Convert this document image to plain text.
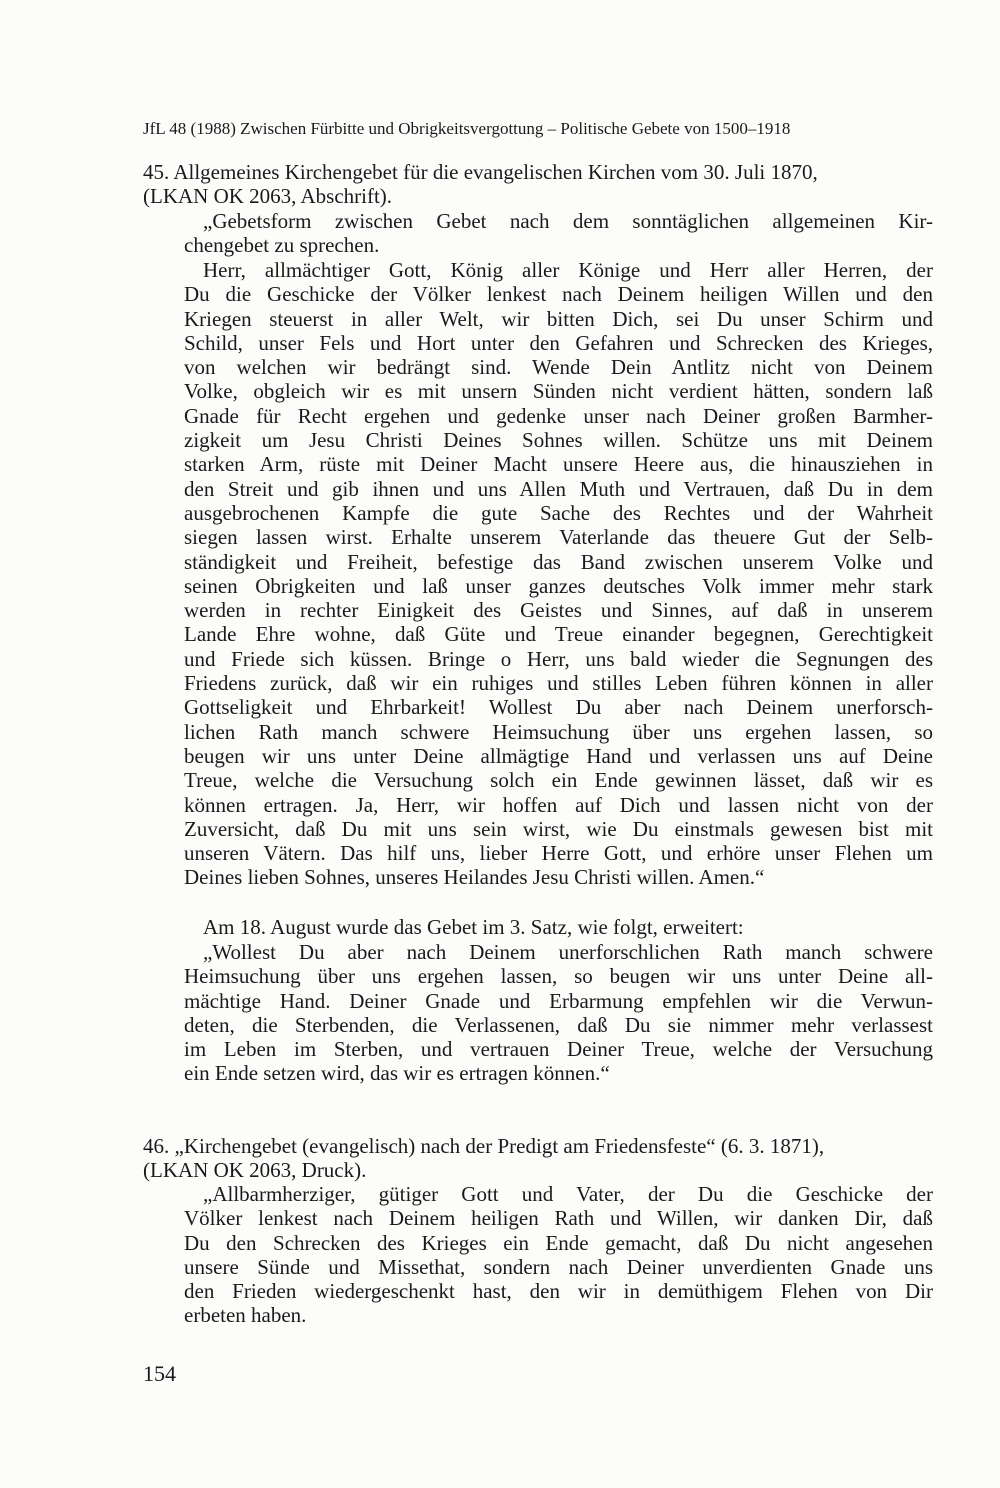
JfL 48 (1988) Zwischen Fürbitte und Obrigkeitsvergottung – Politische Gebete von 1500–1918
45. Allgemeines Kirchengebet für die evangelischen Kirchen vom 30. Juli 1870,
(LKAN OK 2063, Abschrift).
„Gebetsform zwischen Gebet nach dem sonntäglichen allgemeinen Kir-
chengebet zu sprechen.
Herr, allmächtiger Gott, König aller Könige und Herr aller Herren, der
Du die Geschicke der Völker lenkest nach Deinem heiligen Willen und den
Kriegen steuerst in aller Welt, wir bitten Dich, sei Du unser Schirm und
Schild, unser Fels und Hort unter den Gefahren und Schrecken des Krieges,
von welchen wir bedrängt sind. Wende Dein Antlitz nicht von Deinem
Volke, obgleich wir es mit unsern Sünden nicht verdient hätten, sondern laß
Gnade für Recht ergehen und gedenke unser nach Deiner großen Barmher-
zigkeit um Jesu Christi Deines Sohnes willen. Schütze uns mit Deinem
starken Arm, rüste mit Deiner Macht unsere Heere aus, die hinausziehen in
den Streit und gib ihnen und uns Allen Muth und Vertrauen, daß Du in dem
ausgebrochenen Kampfe die gute Sache des Rechtes und der Wahrheit
siegen lassen wirst. Erhalte unserem Vaterlande das theuere Gut der Selb-
ständigkeit und Freiheit, befestige das Band zwischen unserem Volke und
seinen Obrigkeiten und laß unser ganzes deutsches Volk immer mehr stark
werden in rechter Einigkeit des Geistes und Sinnes, auf daß in unserem
Lande Ehre wohne, daß Güte und Treue einander begegnen, Gerechtigkeit
und Friede sich küssen. Bringe o Herr, uns bald wieder die Segnungen des
Friedens zurück, daß wir ein ruhiges und stilles Leben führen können in aller
Gottseligkeit und Ehrbarkeit! Wollest Du aber nach Deinem unerforsch-
lichen Rath manch schwere Heimsuchung über uns ergehen lassen, so
beugen wir uns unter Deine allmägtige Hand und verlassen uns auf Deine
Treue, welche die Versuchung solch ein Ende gewinnen lässet, daß wir es
können ertragen. Ja, Herr, wir hoffen auf Dich und lassen nicht von der
Zuversicht, daß Du mit uns sein wirst, wie Du einstmals gewesen bist mit
unseren Vätern. Das hilf uns, lieber Herre Gott, und erhöre unser Flehen um
Deines lieben Sohnes, unseres Heilandes Jesu Christi willen. Amen.“
Am 18. August wurde das Gebet im 3. Satz, wie folgt, erweitert:
„Wollest Du aber nach Deinem unerforschlichen Rath manch schwere
Heimsuchung über uns ergehen lassen, so beugen wir uns unter Deine all-
mächtige Hand. Deiner Gnade und Erbarmung empfehlen wir die Verwun-
deten, die Sterbenden, die Verlassenen, daß Du sie nimmer mehr verlassest
im Leben im Sterben, und vertrauen Deiner Treue, welche der Versuchung
ein Ende setzen wird, das wir es ertragen können.“
46. „Kirchengebet (evangelisch) nach der Predigt am Friedensfeste“ (6. 3. 1871),
(LKAN OK 2063, Druck).
„Allbarmherziger, gütiger Gott und Vater, der Du die Geschicke der
Völker lenkest nach Deinem heiligen Rath und Willen, wir danken Dir, daß
Du den Schrecken des Krieges ein Ende gemacht, daß Du nicht angesehen
unsere Sünde und Missethat, sondern nach Deiner unverdienten Gnade uns
den Frieden wiedergeschenkt hast, den wir in demüthigem Flehen von Dir
erbeten haben.
154
